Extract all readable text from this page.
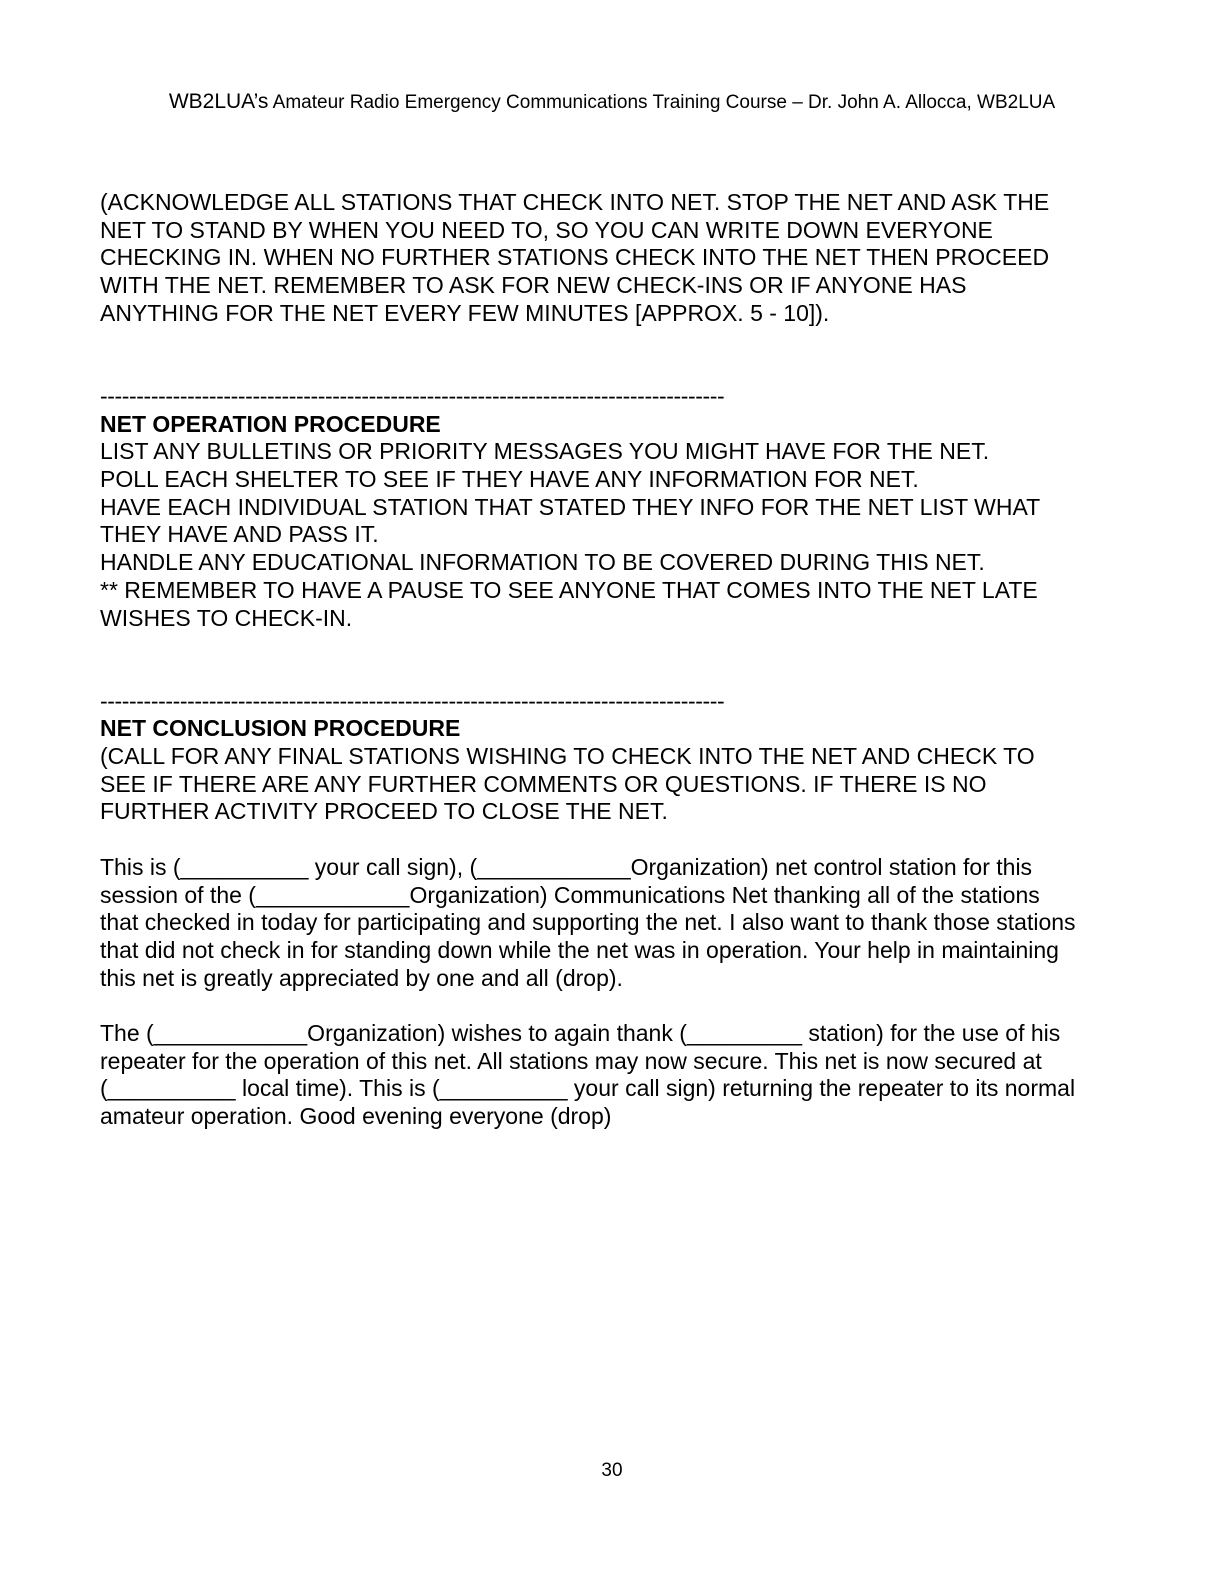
WB2LUA’s Amateur Radio Emergency Communications Training Course – Dr. John A. Allocca, WB2LUA

(ACKNOWLEDGE ALL STATIONS THAT CHECK INTO NET. STOP THE NET AND ASK THE
NET TO STAND BY WHEN YOU NEED TO, SO YOU CAN WRITE DOWN EVERYONE
CHECKING IN. WHEN NO FURTHER STATIONS CHECK INTO THE NET THEN PROCEED
WITH THE NET. REMEMBER TO ASK FOR NEW CHECK-INS OR IF ANYONE HAS
ANYTHING FOR THE NET EVERY FEW MINUTES [APPROX. 5 - 10]).

--------------------------------------------------------------------------------------

NET OPERATION PROCEDURE

LIST ANY BULLETINS OR PRIORITY MESSAGES YOU MIGHT HAVE FOR THE NET.
POLL EACH SHELTER TO SEE IF THEY HAVE ANY INFORMATION FOR NET.
HAVE EACH INDIVIDUAL STATION THAT STATED THEY INFO FOR THE NET LIST WHAT
THEY HAVE AND PASS IT.
HANDLE ANY EDUCATIONAL INFORMATION TO BE COVERED DURING THIS NET.
** REMEMBER TO HAVE A PAUSE TO SEE ANYONE THAT COMES INTO THE NET LATE
WISHES TO CHECK-IN.

--------------------------------------------------------------------------------------

NET CONCLUSION PROCEDURE

(CALL FOR ANY FINAL STATIONS WISHING TO CHECK INTO THE NET AND CHECK TO
SEE IF THERE ARE ANY FURTHER COMMENTS OR QUESTIONS. IF THERE IS NO
FURTHER ACTIVITY PROCEED TO CLOSE THE NET.

This is (__________ your call sign), (____________Organization) net control station for this
session of the (____________Organization) Communications Net thanking all of the stations
that checked in today for participating and supporting the net. I also want to thank those stations
that did not check in for standing down while the net was in operation. Your help in maintaining
this net is greatly appreciated by one and all (drop).

The (____________Organization) wishes to again thank (_________ station) for the use of his
repeater for the operation of this net. All stations may now secure. This net is now secured at
(__________ local time). This is (__________ your call sign) returning the repeater to its normal
amateur operation. Good evening everyone (drop)

30
